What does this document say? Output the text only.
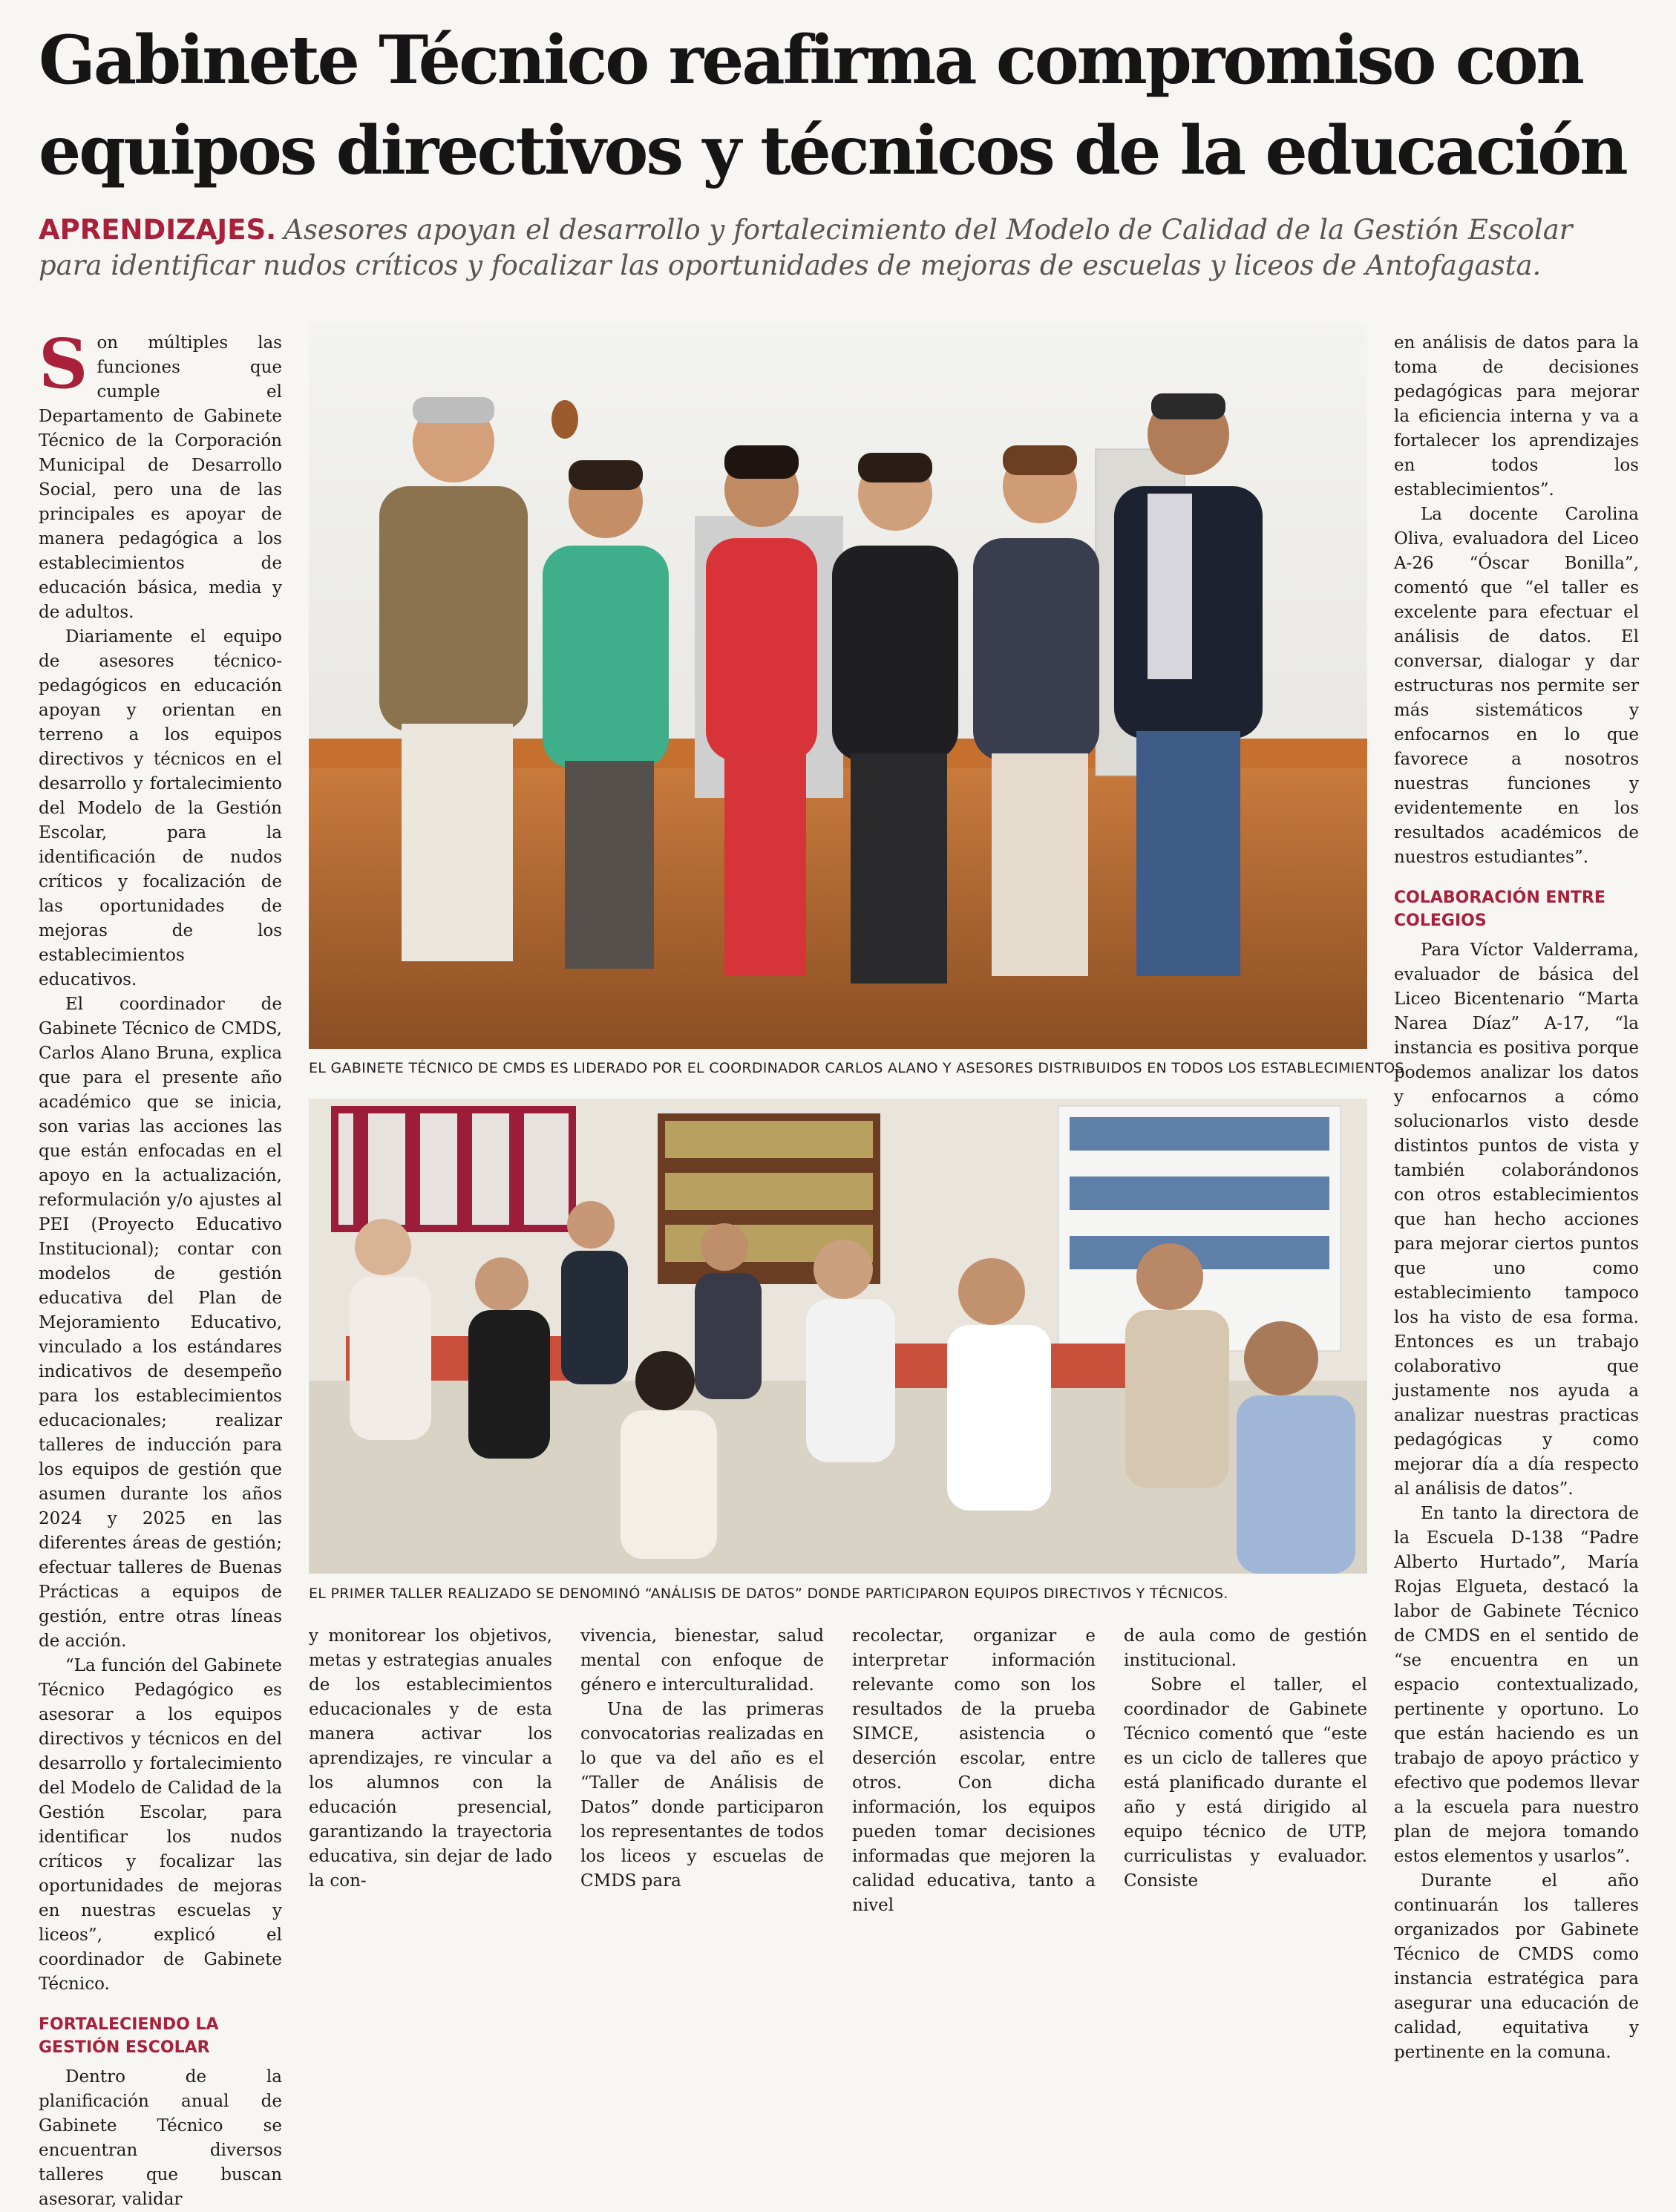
Gabinete Técnico reafirma compromiso con
equipos directivos y técnicos de la educación

APRENDIZAJES. Asesores apoyan el desarrollo y fortalecimiento del Modelo de Calidad de la Gestión Escolar para identificar nudos críticos y focalizar las oportunidades de mejoras de escuelas y liceos de Antofagasta.

Son múltiples las funciones que cumple el Departamento de Gabinete Técnico de la Corporación Municipal de Desarrollo Social, pero una de las principales es apoyar de manera pedagógica a los establecimientos de educación básica, media y de adultos.

Diariamente el equipo de asesores técnico-pedagógicos en educación apoyan y orientan en terreno a los equipos directivos y técnicos en el desarrollo y fortalecimiento del Modelo de la Gestión Escolar, para la identificación de nudos críticos y focalización de las oportunidades de mejoras de los establecimientos educativos.

El coordinador de Gabinete Técnico de CMDS, Carlos Alano Bruna, explica que para el presente año académico que se inicia, son varias las acciones las que están enfocadas en el apoyo en la actualización, reformulación y/o ajustes al PEI (Proyecto Educativo Institucional); contar con modelos de gestión educativa del Plan de Mejoramiento Educativo, vinculado a los estándares indicativos de desempeño para los establecimientos educacionales; realizar talleres de inducción para los equipos de gestión que asumen durante los años 2024 y 2025 en las diferentes áreas de gestión; efectuar talleres de Buenas Prácticas a equipos de gestión, entre otras líneas de acción.

“La función del Gabinete Técnico Pedagógico es asesorar a los equipos directivos y técnicos en del desarrollo y fortalecimiento del Modelo de Calidad de la Gestión Escolar, para identificar los nudos críticos y focalizar las oportunidades de mejoras en nuestras escuelas y liceos”, explicó el coordinador de Gabinete Técnico.

FORTALECIENDO LA GESTIÓN ESCOLAR

Dentro de la planificación anual de Gabinete Técnico se encuentran diversos talleres que buscan asesorar, validar

EL GABINETE TÉCNICO DE CMDS ES LIDERADO POR EL COORDINADOR CARLOS ALANO Y ASESORES DISTRIBUIDOS EN TODOS LOS ESTABLECIMIENTOS.
EL PRIMER TALLER REALIZADO SE DENOMINÓ “ANÁLISIS DE DATOS” DONDE PARTICIPARON EQUIPOS DIRECTIVOS Y TÉCNICOS.

y monitorear los objetivos, metas y estrategias anuales de los establecimientos educacionales y de esta manera activar los aprendizajes, re vincular a los alumnos con la educación presencial, garantizando la trayectoria educativa, sin dejar de lado la con-

vivencia, bienestar, salud mental con enfoque de género e interculturalidad.

Una de las primeras convocatorias realizadas en lo que va del año es el “Taller de Análisis de Datos” donde participaron los representantes de todos los liceos y escuelas de CMDS para

recolectar, organizar e interpretar información relevante como son los resultados de la prueba SIMCE, asistencia o deserción escolar, entre otros. Con dicha información, los equipos pueden tomar decisiones informadas que mejoren la calidad educativa, tanto a nivel

de aula como de gestión institucional.

Sobre el taller, el coordinador de Gabinete Técnico comentó que “este es un ciclo de talleres que está planificado durante el año y está dirigido al equipo técnico de UTP, curriculistas y evaluador. Consiste

en análisis de datos para la toma de decisiones pedagógicas para mejorar la eficiencia interna y va a fortalecer los aprendizajes en todos los establecimientos”.

La docente Carolina Oliva, evaluadora del Liceo A-26 “Óscar Bonilla”, comentó que “el taller es excelente para efectuar el análisis de datos. El conversar, dialogar y dar estructuras nos permite ser más sistemáticos y enfocarnos en lo que favorece a nosotros nuestras funciones y evidentemente en los resultados académicos de nuestros estudiantes”.

COLABORACIÓN ENTRE COLEGIOS

Para Víctor Valderrama, evaluador de básica del Liceo Bicentenario “Marta Narea Díaz” A-17, “la instancia es positiva porque podemos analizar los datos y enfocarnos a cómo solucionarlos visto desde distintos puntos de vista y también colaborándonos con otros establecimientos que han hecho acciones para mejorar ciertos puntos que uno como establecimiento tampoco los ha visto de esa forma. Entonces es un trabajo colaborativo que justamente nos ayuda a analizar nuestras practicas pedagógicas y como mejorar día a día respecto al análisis de datos”.

En tanto la directora de la Escuela D-138 “Padre Alberto Hurtado”, María Rojas Elgueta, destacó la labor de Gabinete Técnico de CMDS en el sentido de “se encuentra en un espacio contextualizado, pertinente y oportuno. Lo que están haciendo es un trabajo de apoyo práctico y efectivo que podemos llevar a la escuela para nuestro plan de mejora tomando estos elementos y usarlos”.

Durante el año continuarán los talleres organizados por Gabinete Técnico de CMDS como instancia estratégica para asegurar una educación de calidad, equitativa y pertinente en la comuna.
